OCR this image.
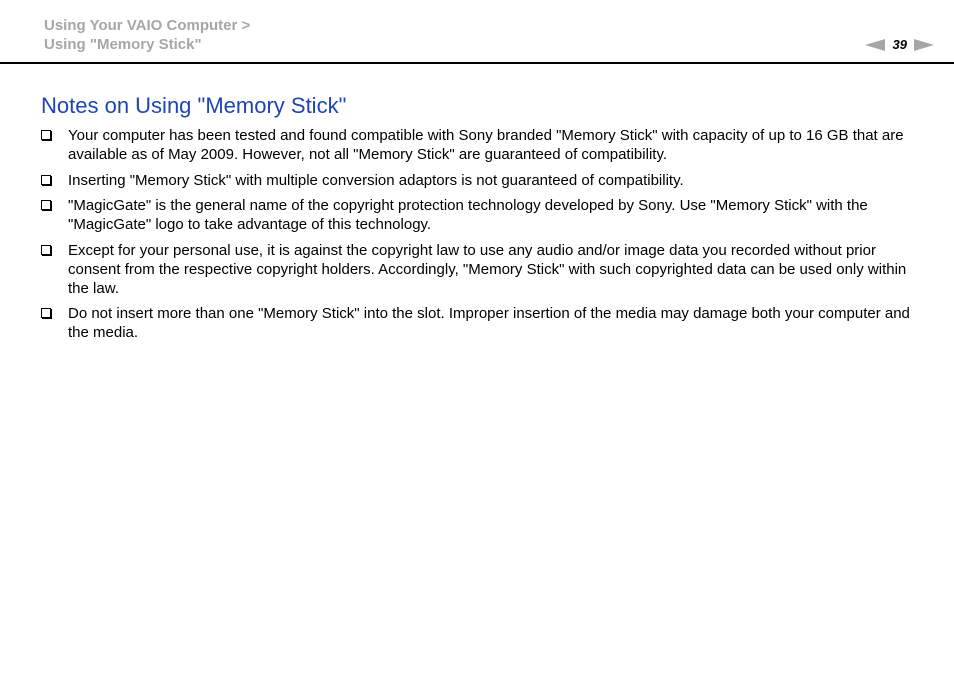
Using Your VAIO Computer >
Using "Memory Stick"	39
Notes on Using "Memory Stick"
Your computer has been tested and found compatible with Sony branded "Memory Stick" with capacity of up to 16 GB that are available as of May 2009. However, not all "Memory Stick" are guaranteed of compatibility.
Inserting "Memory Stick" with multiple conversion adaptors is not guaranteed of compatibility.
"MagicGate" is the general name of the copyright protection technology developed by Sony. Use "Memory Stick" with the "MagicGate" logo to take advantage of this technology.
Except for your personal use, it is against the copyright law to use any audio and/or image data you recorded without prior consent from the respective copyright holders. Accordingly, "Memory Stick" with such copyrighted data can be used only within the law.
Do not insert more than one "Memory Stick" into the slot. Improper insertion of the media may damage both your computer and the media.
